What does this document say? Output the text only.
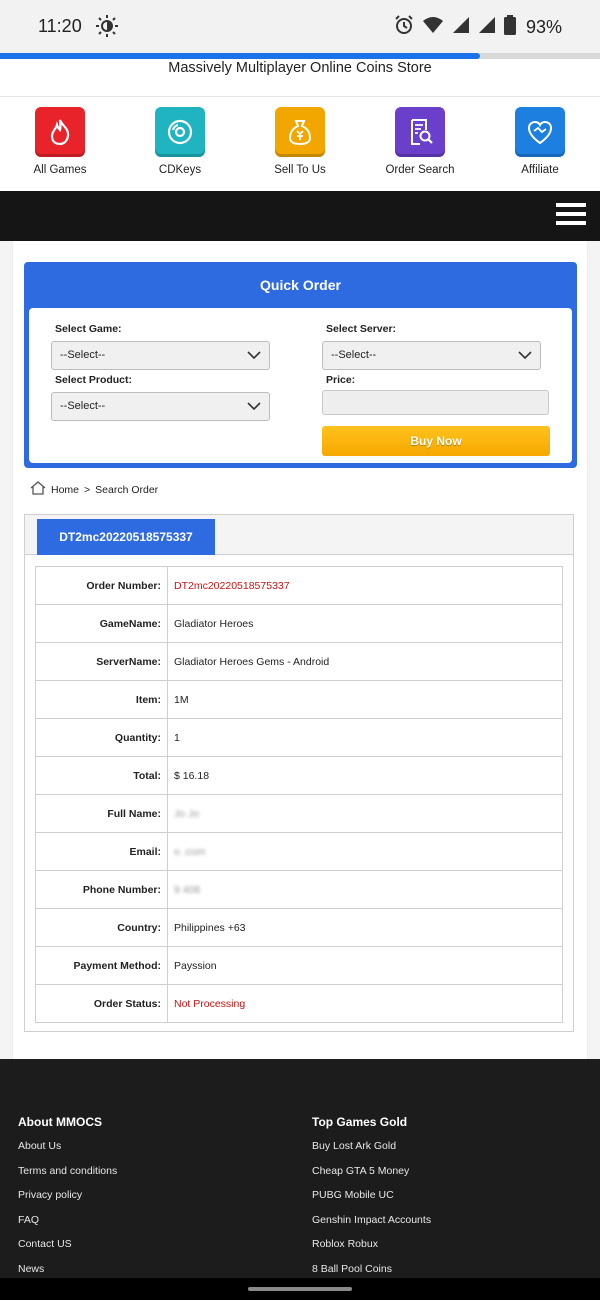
11:20	93%
Massively Multiplayer Online Coins Store
All Games	CDKeys	Sell To Us	Order Search	Affiliate
Quick Order
Select Game:
--Select--
Select Server:
--Select--
Select Product:
--Select--
Price:
Buy Now
Home > Search Order
DT2mc20220518575337
Order Number:	DT2mc20220518575337
GameName:	Gladiator Heroes
ServerName:	Gladiator Heroes Gems - Android
Item:	1M
Quantity:	1
Total:	$ 16.18
Full Name:	Jo Jo
Email:	o .com
Phone Number:	9 408
Country:	Philippines +63
Payment Method:	Payssion
Order Status:	Not Processing
About MMOCS
About Us
Terms and conditions
Privacy policy
FAQ
Contact US
News
Top Games Gold
Buy Lost Ark Gold
Cheap GTA 5 Money
PUBG Mobile UC
Genshin Impact Accounts
Roblox Robux
8 Ball Pool Coins
